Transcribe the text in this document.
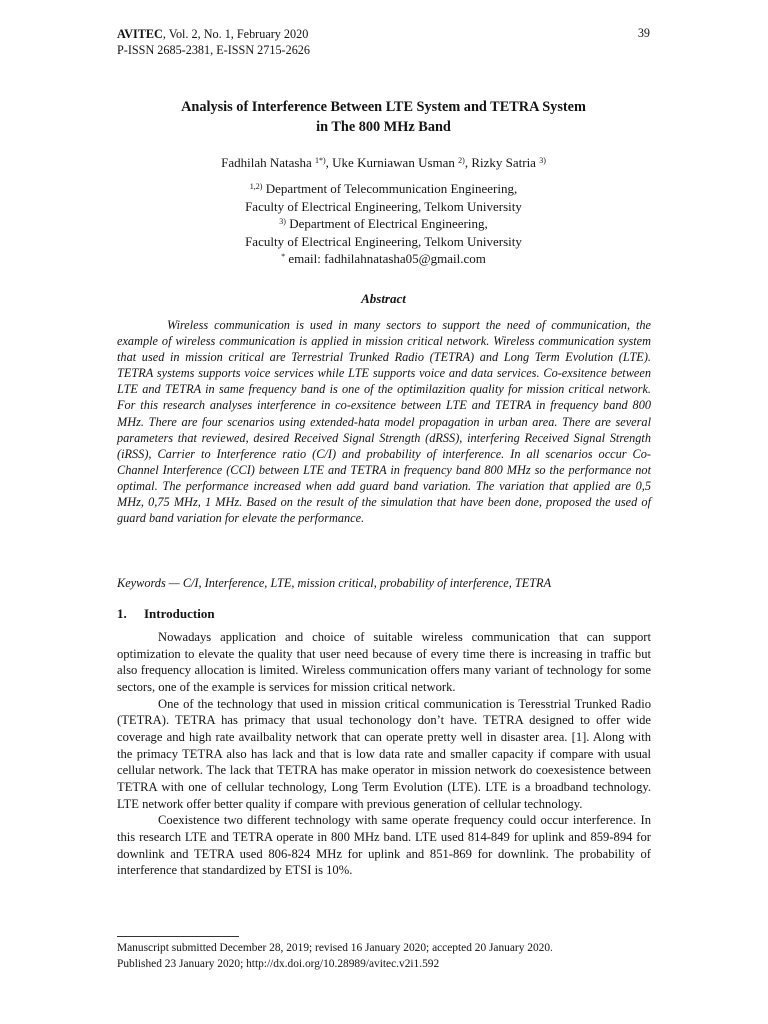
AVITEC, Vol. 2, No. 1, February 2020
P-ISSN 2685-2381, E-ISSN 2715-2626
39
Analysis of Interference Between LTE System and TETRA System
in The 800 MHz Band
Fadhilah Natasha $^{1*)}$, Uke Kurniawan Usman $^{2)}$, Rizky Satria $^{3)}$
$^{1,2)}$ Department of Telecommunication Engineering,
Faculty of Electrical Engineering, Telkom University
$^{3)}$ Department of Electrical Engineering,
Faculty of Electrical Engineering, Telkom University
* email: fadhilahnatasha05@gmail.com
Abstract
Wireless communication is used in many sectors to support the need of communication, the example of wireless communication is applied in mission critical network. Wireless communication system that used in mission critical are Terrestrial Trunked Radio (TETRA) and Long Term Evolution (LTE). TETRA systems supports voice services while LTE supports voice and data services. Co-exsitence between LTE and TETRA in same frequency band is one of the optimilazition quality for mission critical network. For this research analyses interference in co-exsitence between LTE and TETRA in frequency band 800 MHz. There are four scenarios using extended-hata model propagation in urban area. There are several parameters that reviewed, desired Received Signal Strength (dRSS), interfering Received Signal Strength (iRSS), Carrier to Interference ratio (C/I) and probability of interference. In all scenarios occur Co-Channel Interference (CCI) between LTE and TETRA in frequency band 800 MHz so the performance not optimal. The performance increased when add guard band variation. The variation that applied are 0,5 MHz, 0,75 MHz, 1 MHz. Based on the result of the simulation that have been done, proposed the used of guard band variation for elevate the performance.
Keywords — C/I, Interference, LTE, mission critical, probability of interference, TETRA
1. Introduction

Nowadays application and choice of suitable wireless communication that can support optimization to elevate the quality that user need because of every time there is increasing in traffic but also frequency allocation is limited. Wireless communication offers many variant of technology for some sectors, one of the example is services for mission critical network.

One of the technology that used in mission critical communication is Teresstrial Trunked Radio (TETRA). TETRA has primacy that usual techonology don’t have. TETRA designed to offer wide coverage and high rate availbality network that can operate pretty well in disaster area. [1]. Along with the primacy TETRA also has lack and that is low data rate and smaller capacity if compare with usual cellular network. The lack that TETRA has make operator in mission network do coexesistence between TETRA with one of cellular technology, Long Term Evolution (LTE). LTE is a broadband technology. LTE network offer better quality if compare with previous generation of cellular technology.

Coexistence two different technology with same operate frequency could occur interference. In this research LTE and TETRA operate in 800 MHz band. LTE used 814-849 for uplink and 859-894 for downlink and TETRA used 806-824 MHz for uplink and 851-869 for downlink. The probability of interference that standardized by ETSI is 10%.

Manuscript submitted December 28, 2019; revised 16 January 2020; accepted 20 January 2020.
Published 23 January 2020; http://dx.doi.org/10.28989/avitec.v2i1.592
